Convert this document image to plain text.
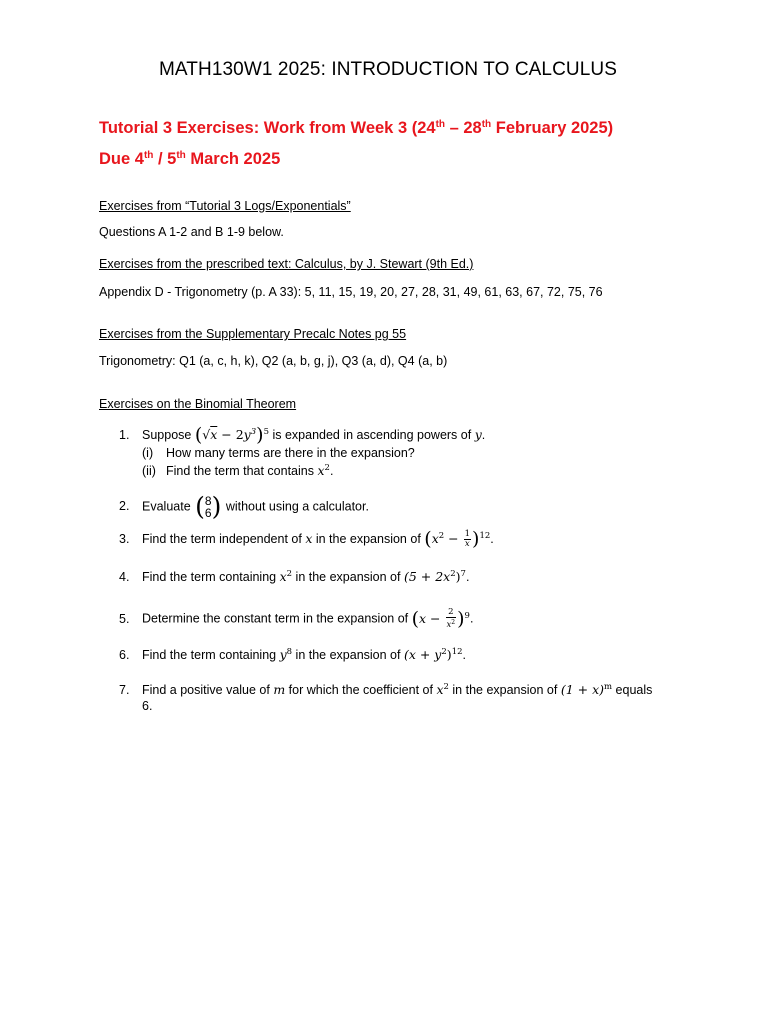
MATH130W1 2025: INTRODUCTION TO CALCULUS
Tutorial 3 Exercises: Work from Week 3 (24th – 28th February 2025)
Due 4th / 5th March 2025
Exercises from “Tutorial 3 Logs/Exponentials”
Questions A 1-2 and B 1-9 below.
Exercises from the prescribed text: Calculus, by J. Stewart (9th Ed.)
Appendix D - Trigonometry (p. A 33): 5, 11, 15, 19, 20, 27, 28, 31, 49, 61, 63, 67, 72, 75, 76
Exercises from the Supplementary Precalc Notes pg 55
Trigonometry: Q1 (a, c, h, k), Q2 (a, b, g, j), Q3 (a, d), Q4 (a, b)
Exercises on the Binomial Theorem
1. Suppose $(√x - 2y^3)^5$ is expanded in ascending powers of y.
(i) How many terms are there in the expansion?
(ii) Find the term that contains $x^2$.
2. Evaluate ( 8
6 ) without using a calculator.
3. Find the term independent of x in the expansion of $(x^2 - \frac{1}{x} )^{12}$.
4. Find the term containing $x^2$ in the expansion of $(5 + 2x^2)^7$.
5. Determine the constant term in the expansion of $(x - \frac{2}{x^2} )^9$.
6. Find the term containing $y^8$ in the expansion of $(x + y^2)^{12}$.
7. Find a positive value of m for which the coefficient of $x^2$ in the expansion of $(1 + x)^m$ equals
6.
